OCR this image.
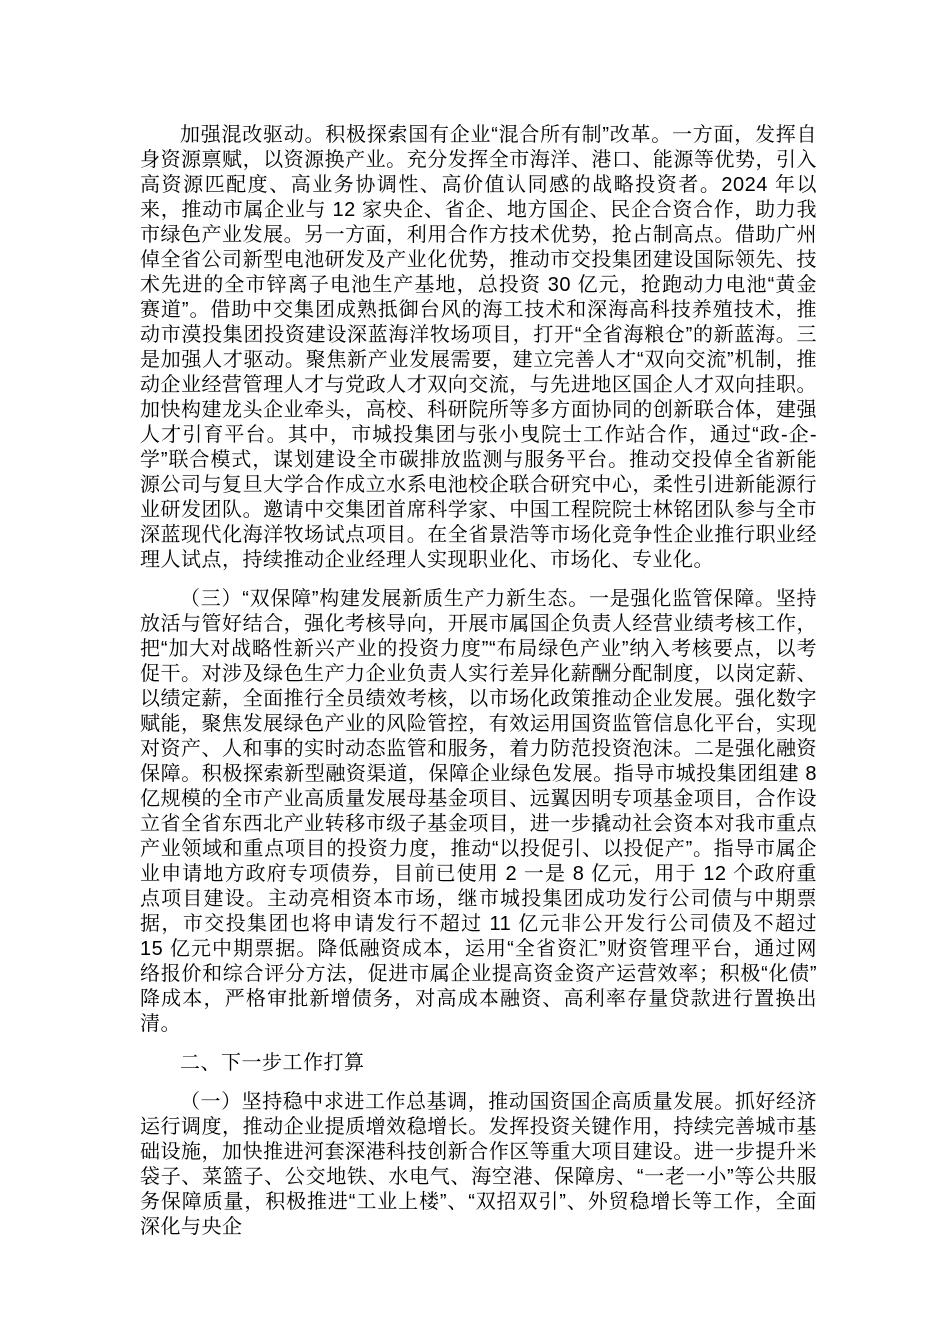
加强混改驱动。积极探索国有企业“混合所有制”改革。一方面，发挥自身资源禀赋，以资源换产业。充分发挥全市海洋、港口、能源等优势，引入高资源匹配度、高业务协调性、高价值认同感的战略投资者。2024 年以来，推动市属企业与 12 家央企、省企、地方国企、民企合资合作，助力我市绿色产业发展。另一方面，利用合作方技术优势，抢占制高点。借助广州倬全省公司新型电池研发及产业化优势，推动市交投集团建设国际领先、技术先进的全市锌离子电池生产基地，总投资 30 亿元，抢跑动力电池“黄金赛道”。借助中交集团成熟抵御台风的海工技术和深海高科技养殖技术，推动市漠投集团投资建设深蓝海洋牧场项目，打开“全省海粮仓”的新蓝海。三是加强人才驱动。聚焦新产业发展需要，建立完善人才“双向交流”机制，推动企业经营管理人才与党政人才双向交流，与先进地区国企人才双向挂职。加快构建龙头企业牵头，高校、科研院所等多方面协同的创新联合体，建强人才引育平台。其中，市城投集团与张小曳院士工作站合作，通过“政-企-学”联合模式，谋划建设全市碳排放监测与服务平台。推动交投倬全省新能源公司与复旦大学合作成立水系电池校企联合研究中心，柔性引进新能源行业研发团队。邀请中交集团首席科学家、中国工程院院士林铭团队参与全市深蓝现代化海洋牧场试点项目。在全省景浩等市场化竞争性企业推行职业经理人试点，持续推动企业经理人实现职业化、市场化、专业化。
（三）“双保障”构建发展新质生产力新生态。一是强化监管保障。坚持放活与管好结合，强化考核导向，开展市属国企负责人经营业绩考核工作，把“加大对战略性新兴产业的投资力度”“布局绿色产业”纳入考核要点，以考促干。对涉及绿色生产力企业负责人实行差异化薪酬分配制度，以岗定薪、以绩定薪，全面推行全员绩效考核，以市场化政策推动企业发展。强化数字赋能，聚焦发展绿色产业的风险管控，有效运用国资监管信息化平台，实现对资产、人和事的实时动态监管和服务，着力防范投资泡沫。二是强化融资保障。积极探索新型融资渠道，保障企业绿色发展。指导市城投集团组建 8 亿规模的全市产业高质量发展母基金项目、远翼因明专项基金项目，合作设立省全省东西北产业转移市级子基金项目，进一步撬动社会资本对我市重点产业领域和重点项目的投资力度，推动“以投促引、以投促产”。指导市属企业申请地方政府专项债券，目前已使用 2 一是 8 亿元，用于 12 个政府重点项目建设。主动亮相资本市场，继市城投集团成功发行公司债与中期票据，市交投集团也将申请发行不超过 11 亿元非公开发行公司债及不超过 15 亿元中期票据。降低融资成本，运用“全省资汇”财资管理平台，通过网络报价和综合评分方法，促进市属企业提高资金资产运营效率；积极“化债”降成本，严格审批新增债务，对高成本融资、高利率存量贷款进行置换出清。
二、下一步工作打算
（一）坚持稳中求进工作总基调，推动国资国企高质量发展。抓好经济运行调度，推动企业提质增效稳增长。发挥投资关键作用，持续完善城市基础设施，加快推进河套深港科技创新合作区等重大项目建设。进一步提升米袋子、菜篮子、公交地铁、水电气、海空港、保障房、“一老一小”等公共服务保障质量，积极推进“工业上楼”、“双招双引”、外贸稳增长等工作，全面深化与央企
